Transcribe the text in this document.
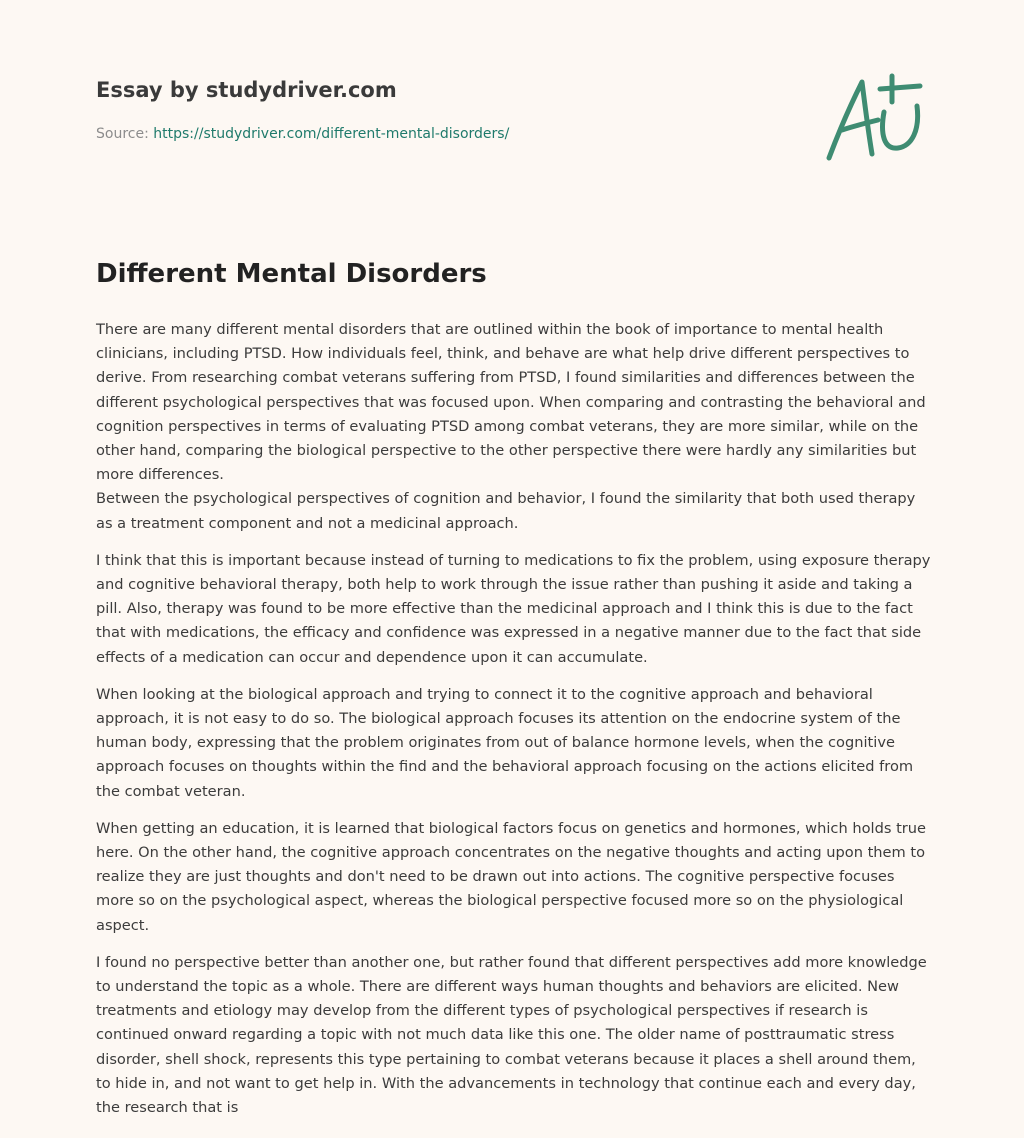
Essay by studydriver.com
Source: https://studydriver.com/different-mental-disorders/
Different Mental Disorders

There are many different mental disorders that are outlined within the book of importance to mental health clinicians, including PTSD. How individuals feel, think, and behave are what help drive different perspectives to derive. From researching combat veterans suffering from PTSD, I found similarities and differences between the different psychological perspectives that was focused upon. When comparing and contrasting the behavioral and cognition perspectives in terms of evaluating PTSD among combat veterans, they are more similar, while on the other hand, comparing the biological perspective to the other perspective there were hardly any similarities but more differences.

Between the psychological perspectives of cognition and behavior, I found the similarity that both used therapy as a treatment component and not a medicinal approach.

I think that this is important because instead of turning to medications to fix the problem, using exposure therapy and cognitive behavioral therapy, both help to work through the issue rather than pushing it aside and taking a pill. Also, therapy was found to be more effective than the medicinal approach and I think this is due to the fact that with medications, the efficacy and confidence was expressed in a negative manner due to the fact that side effects of a medication can occur and dependence upon it can accumulate.

When looking at the biological approach and trying to connect it to the cognitive approach and behavioral approach, it is not easy to do so. The biological approach focuses its attention on the endocrine system of the human body, expressing that the problem originates from out of balance hormone levels, when the cognitive approach focuses on thoughts within the find and the behavioral approach focusing on the actions elicited from the combat veteran.

When getting an education, it is learned that biological factors focus on genetics and hormones, which holds true here. On the other hand, the cognitive approach concentrates on the negative thoughts and acting upon them to realize they are just thoughts and don't need to be drawn out into actions. The cognitive perspective focuses more so on the psychological aspect, whereas the biological perspective focused more so on the physiological aspect.

I found no perspective better than another one, but rather found that different perspectives add more knowledge to understand the topic as a whole. There are different ways human thoughts and behaviors are elicited. New treatments and etiology may develop from the different types of psychological perspectives if research is continued onward regarding a topic with not much data like this one. The older name of posttraumatic stress disorder, shell shock, represents this type pertaining to combat veterans because it places a shell around them, to hide in, and not want to get help in. With the advancements in technology that continue each and every day, the research that is
